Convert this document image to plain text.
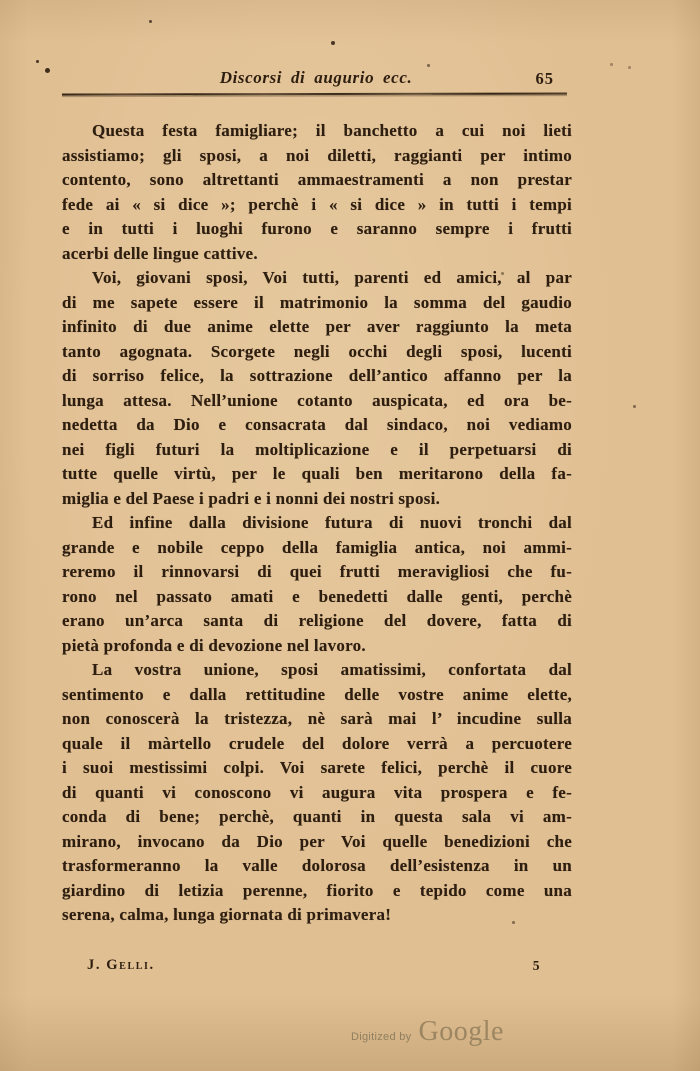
Discorsi di augurio ecc.	65
Questa festa famigliare; il banchetto a cui noi lieti
assistiamo; gli sposi, a noi diletti, raggianti per intimo
contento, sono altrettanti ammaestramenti a non prestar
fede ai « si dice »; perchè i « si dice » in tutti i tempi
e in tutti i luoghi furono e saranno sempre i frutti
acerbi delle lingue cattive.
Voi, giovani sposi, Voi tutti, parenti ed amici, al par
di me sapete essere il matrimonio la somma del gaudio
infinito di due anime elette per aver raggiunto la meta
tanto agognata. Scorgete negli occhi degli sposi, lucenti
di sorriso felice, la sottrazione dell’antico affanno per la
lunga attesa. Nell’unione cotanto auspicata, ed ora be-
nedetta da Dio e consacrata dal sindaco, noi vediamo
nei figli futuri la moltiplicazione e il perpetuarsi di
tutte quelle virtù, per le quali ben meritarono della fa-
miglia e del Paese i padri e i nonni dei nostri sposi.
Ed infine dalla divisione futura di nuovi tronchi dal
grande e nobile ceppo della famiglia antica, noi ammi-
reremo il rinnovarsi di quei frutti meravigliosi che fu-
rono nel passato amati e benedetti dalle genti, perchè
erano un’arca santa di religione del dovere, fatta di
pietà profonda e di devozione nel lavoro.
La vostra unione, sposi amatissimi, confortata dal
sentimento e dalla rettitudine delle vostre anime elette,
non conoscerà la tristezza, nè sarà mai l’ incudine sulla
quale il màrtello crudele del dolore verrà a percuotere
i suoi mestissimi colpi. Voi sarete felici, perchè il cuore
di quanti vi conoscono vi augura vita prospera e fe-
conda di bene; perchè, quanti in questa sala vi am-
mirano, invocano da Dio per Voi quelle benedizioni che
trasformeranno la valle dolorosa dell’esistenza in un
giardino di letizia perenne, fiorito e tepido come una
serena, calma, lunga giornata di primavera!
J. Gelli.	5
Digitized by Google
